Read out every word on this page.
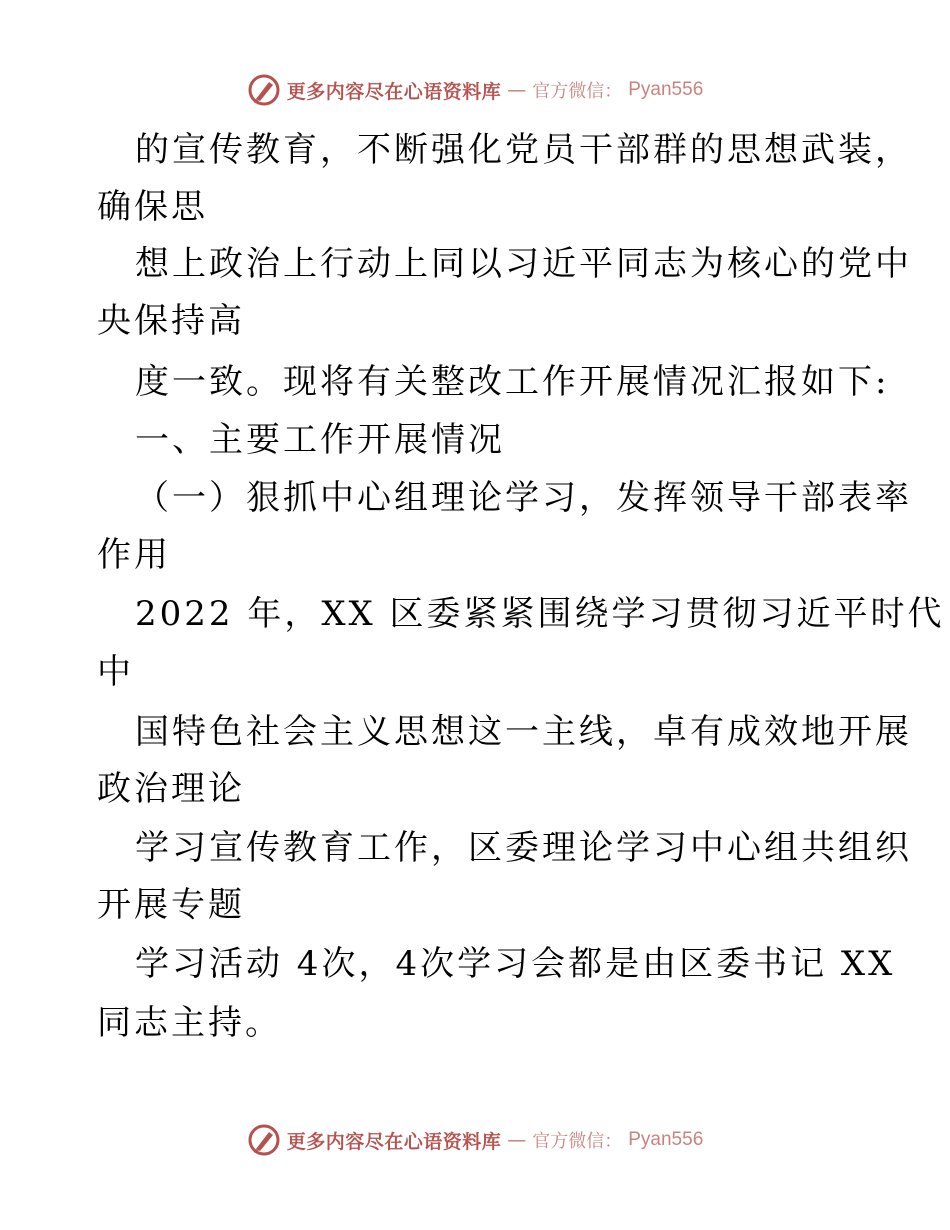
更多内容尽在心语资料库 — 官方微信： Pyan556
的宣传教育，不断强化党员干部群的思想武装，
确保思
想上政治上行动上同以习近平同志为核心的党中
央保持高
度一致。现将有关整改工作开展情况汇报如下:
一、主要工作开展情况
（一）狠抓中心组理论学习，发挥领导干部表率
作用
2022 年，XX 区委紧紧围绕学习贯彻习近平时代
中
国特色社会主义思想这一主线，卓有成效地开展
政治理论
学习宣传教育工作，区委理论学习中心组共组织
开展专题
学习活动 4次，4次学习会都是由区委书记 XX
同志主持。
更多内容尽在心语资料库 — 官方微信： Pyan556
